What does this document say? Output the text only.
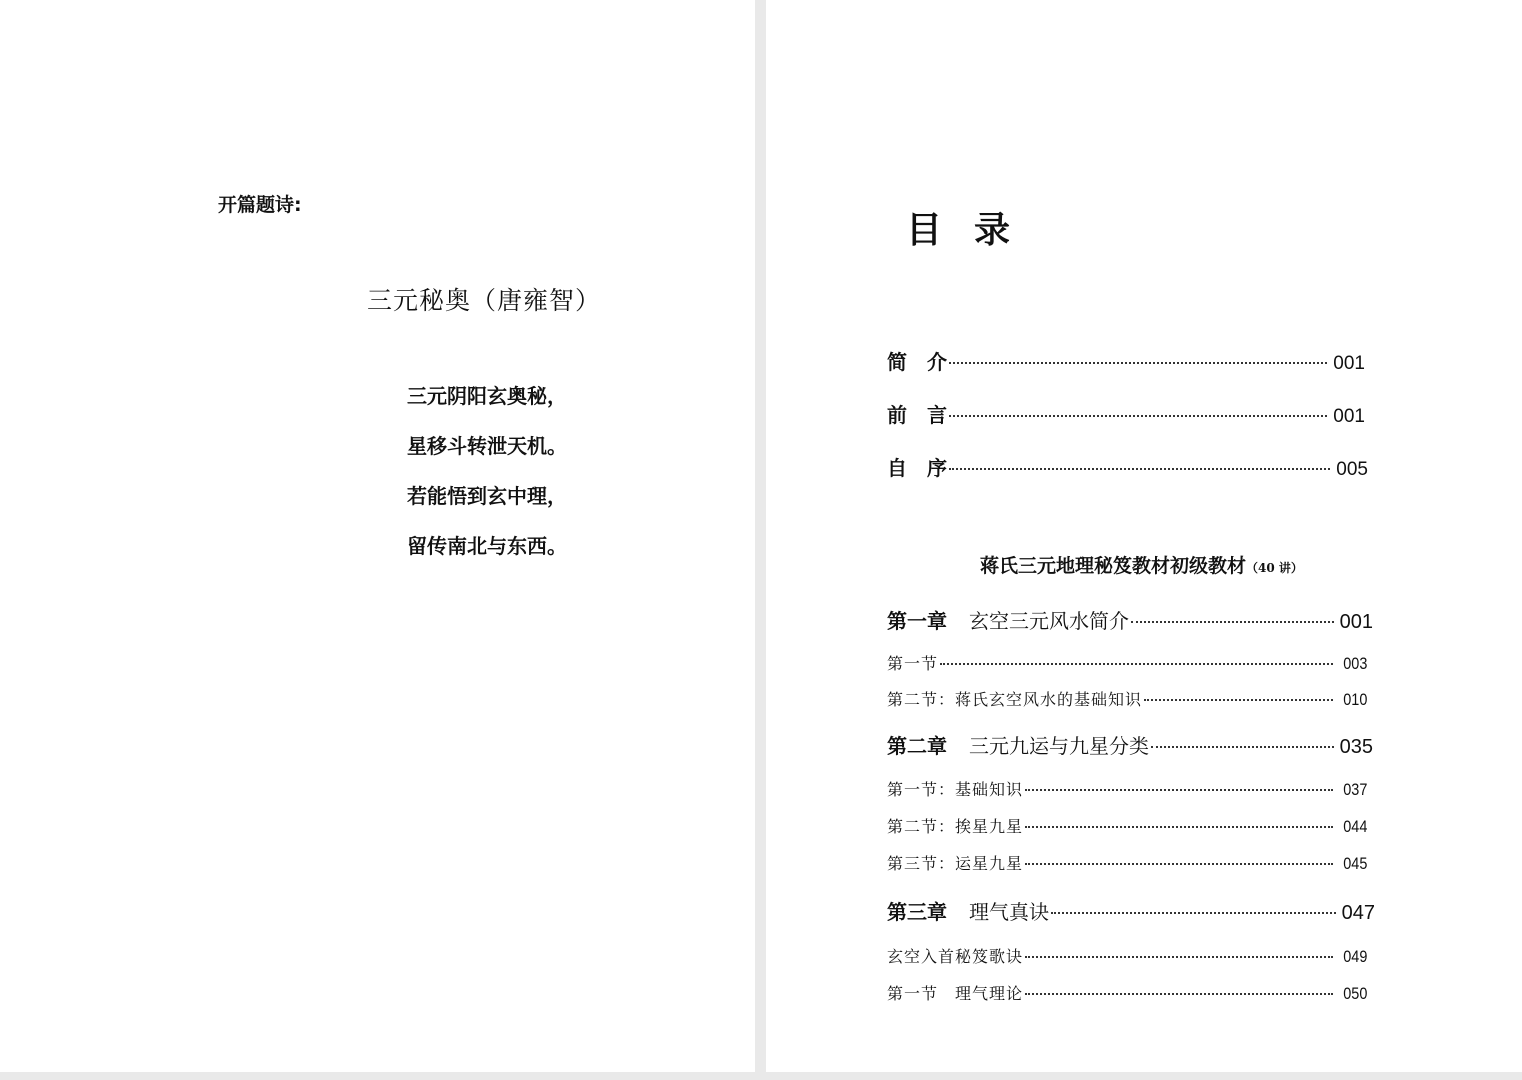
开篇题诗:
三元秘奥（唐雍智）
三元阴阳玄奥秘，
星移斗转泄天机。
若能悟到玄中理，
留传南北与东西。
目 录
简 介	001
前 言	001
自 序	005
蒋氏三元地理秘笈教材初级教材（40 讲）
第一章 玄空三元风水简介	001
第一节	003
第二节：蒋氏玄空风水的基础知识	010
第二章 三元九运与九星分类	035
第一节：基础知识	037
第二节：挨星九星	044
第三节：运星九星	045
第三章 理气真诀	047
玄空入首秘笈歌诀	049
第一节　理气理论	050
